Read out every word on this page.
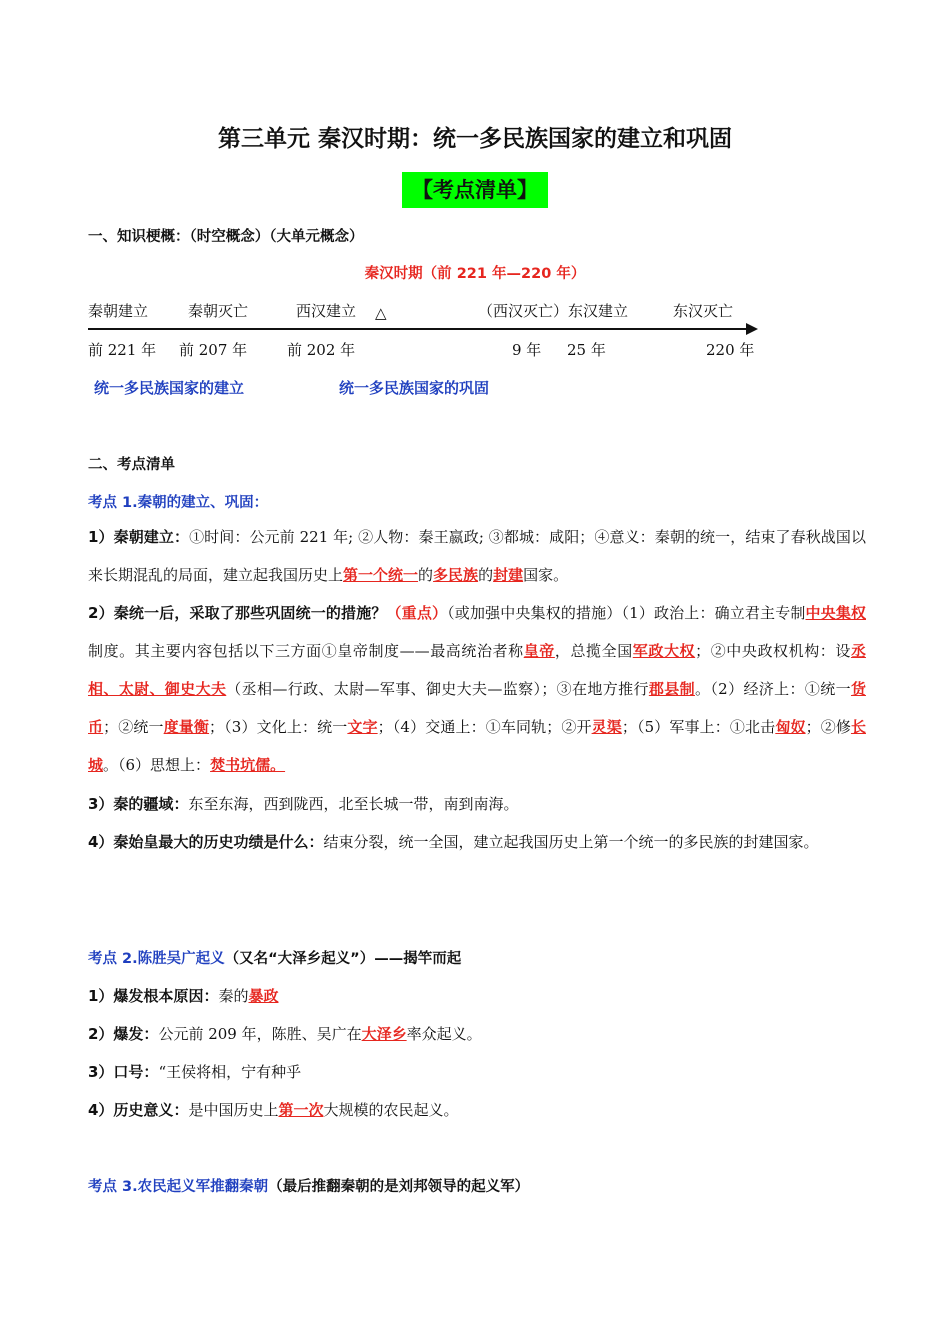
第三单元 秦汉时期：统一多民族国家的建立和巩固
【考点清单】
一、知识梗概：（时空概念）（大单元概念）
秦汉时期（前 221 年—220 年）
秦朝建立	秦朝灭亡	西汉建立 △	（西汉灭亡）东汉建立	东汉灭亡
前 221 年 前 207 年	前 202 年	9 年 25 年	220 年
统一多民族国家的建立	统一多民族国家的巩固
二、考点清单
考点 1.秦朝的建立、巩固：
1）秦朝建立：①时间：公元前 221 年; ②人物：秦王嬴政; ③都城：咸阳；④意义：秦朝的统一，结束了春秋战国以来长期混乱的局面，建立起我国历史上第一个统一的多民族的封建国家。
2）秦统一后，采取了那些巩固统一的措施？（重点）（或加强中央集权的措施）（1）政治上：确立君主专制中央集权制度。其主要内容包括以下三方面①皇帝制度——最高统治者称皇帝，总揽全国军政大权；②中央政权机构：设丞相、太尉、御史大夫（丞相—行政、太尉—军事、御史大夫—监察）；③在地方推行郡县制。（2）经济上：①统一货币；②统一度量衡；（3）文化上：统一文字；（4）交通上：①车同轨；②开灵渠；（5）军事上：①北击匈奴；②修长城。（6）思想上：焚书坑儒。
3）秦的疆域：东至东海，西到陇西，北至长城一带，南到南海。
4）秦始皇最大的历史功绩是什么：结束分裂，统一全国，建立起我国历史上第一个统一的多民族的封建国家。
考点 2.陈胜吴广起义（又名“大泽乡起义”）——揭竿而起
1）爆发根本原因：秦的暴政
2）爆发：公元前 209 年，陈胜、吴广在大泽乡率众起义。
3）口号：“王侯将相，宁有种乎
4）历史意义：是中国历史上第一次大规模的农民起义。
考点 3.农民起义军推翻秦朝（最后推翻秦朝的是刘邦领导的起义军）
